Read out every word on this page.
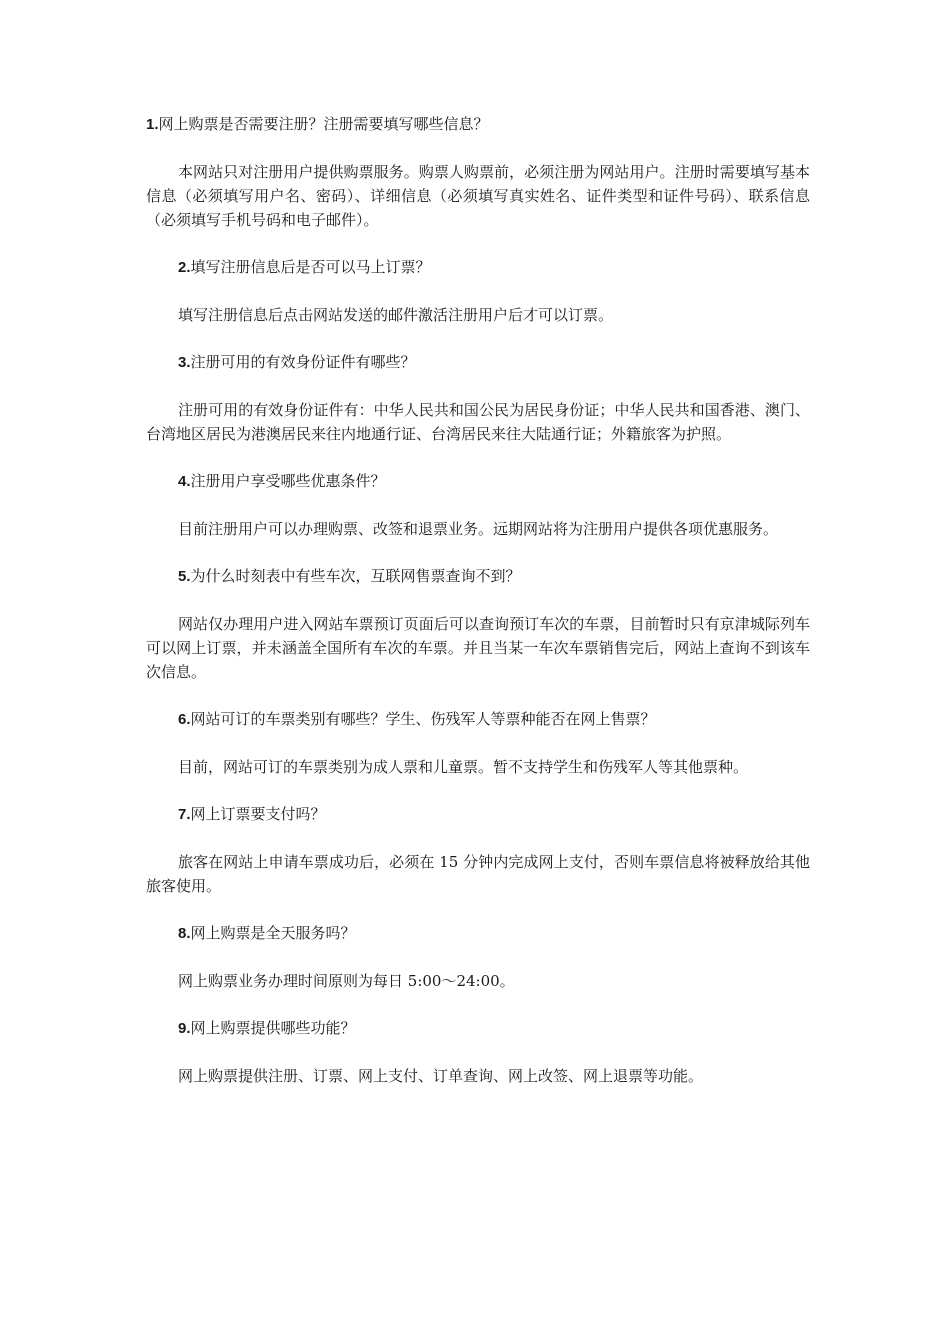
1.网上购票是否需要注册？注册需要填写哪些信息？

本网站只对注册用户提供购票服务。购票人购票前，必须注册为网站用户。注册时需要填写基本信息（必须填写用户名、密码）、详细信息（必须填写真实姓名、证件类型和证件号码）、联系信息（必须填写手机号码和电子邮件）。

2.填写注册信息后是否可以马上订票？

填写注册信息后点击网站发送的邮件激活注册用户后才可以订票。

3.注册可用的有效身份证件有哪些？

注册可用的有效身份证件有：中华人民共和国公民为居民身份证；中华人民共和国香港、澳门、台湾地区居民为港澳居民来往内地通行证、台湾居民来往大陆通行证；外籍旅客为护照。

4.注册用户享受哪些优惠条件？

目前注册用户可以办理购票、改签和退票业务。远期网站将为注册用户提供各项优惠服务。

5.为什么时刻表中有些车次，互联网售票查询不到？

网站仅办理用户进入网站车票预订页面后可以查询预订车次的车票，目前暂时只有京津城际列车可以网上订票，并未涵盖全国所有车次的车票。并且当某一车次车票销售完后，网站上查询不到该车次信息。

6.网站可订的车票类别有哪些？学生、伤残军人等票种能否在网上售票？

目前，网站可订的车票类别为成人票和儿童票。暂不支持学生和伤残军人等其他票种。

7.网上订票要支付吗？

旅客在网站上申请车票成功后，必须在 15 分钟内完成网上支付，否则车票信息将被释放给其他旅客使用。

8.网上购票是全天服务吗？

网上购票业务办理时间原则为每日 5:00～24:00。

9.网上购票提供哪些功能？

网上购票提供注册、订票、网上支付、订单查询、网上改签、网上退票等功能。
